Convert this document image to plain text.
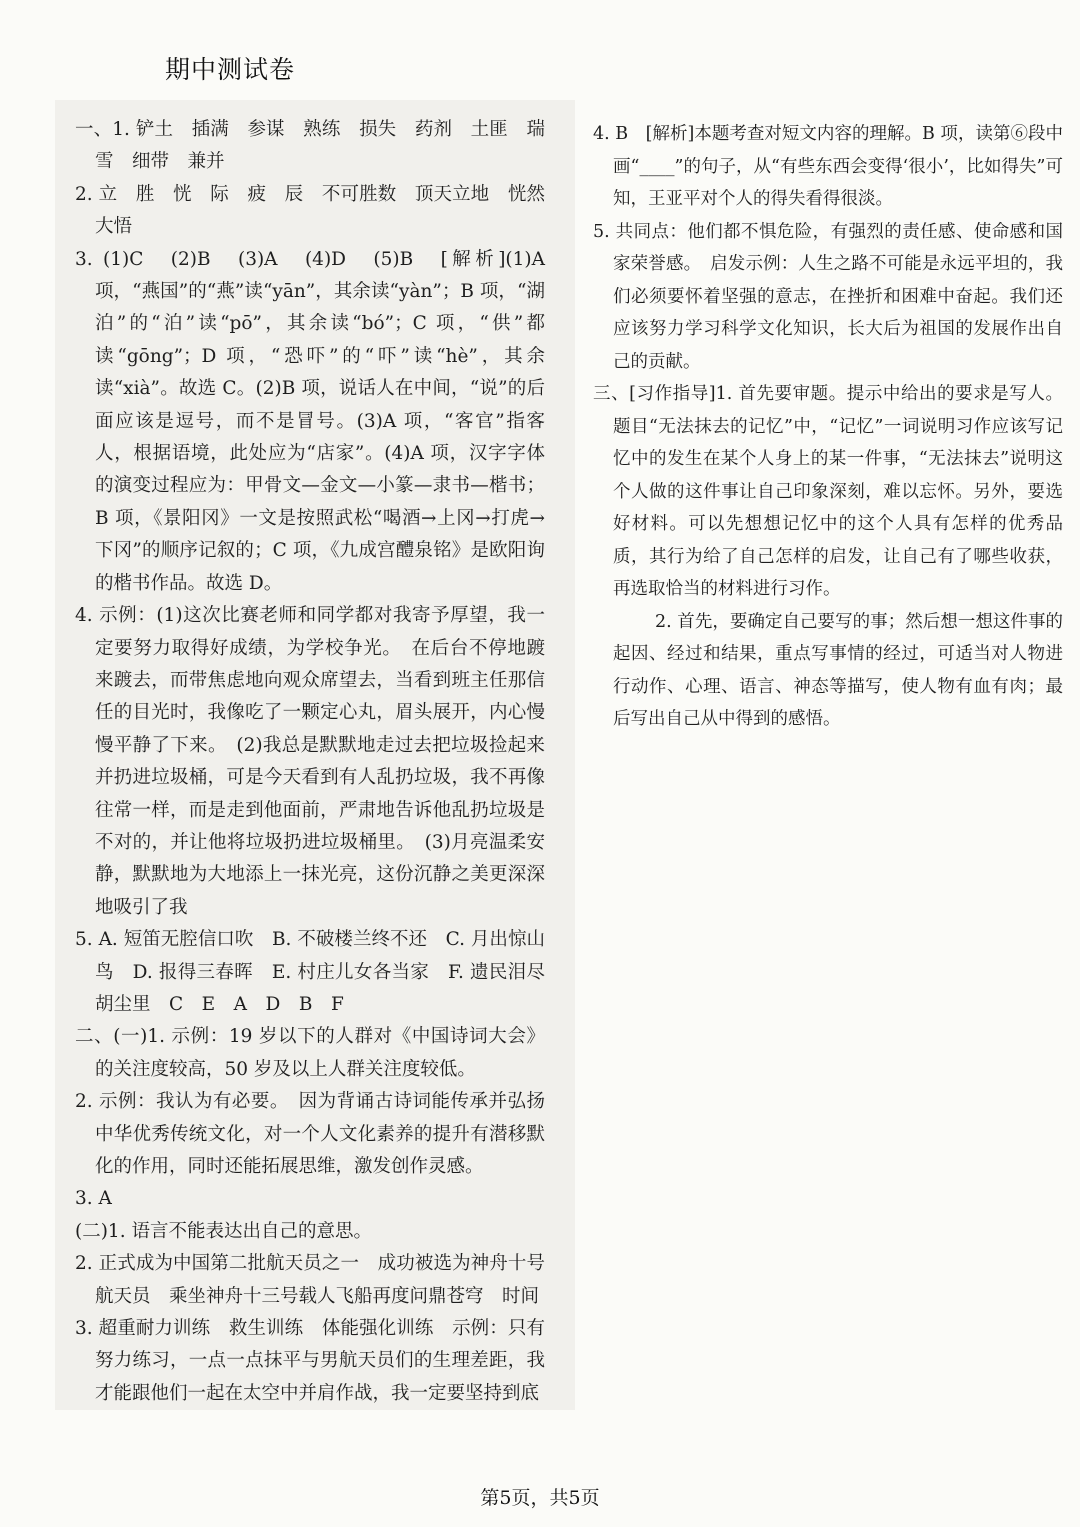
期中测试卷

一、1. 铲土　插满　参谋　熟练　损失　药剂　土匪　瑞雪　细带　兼并

2. 立　胜　恍　际　疲　辰　不可胜数　顶天立地　恍然大悟

3. (1)C　(2)B　(3)A　(4)D　(5)B　[解析](1)A 项，“燕国”的“燕”读“yān”，其余读“yàn”；B 项，“湖泊”的“泊”读“pō”，其余读“bó”；C 项，“供”都读“gōng”；D 项，“恐吓”的“吓”读“hè”，其余读“xià”。故选 C。(2)B 项，说话人在中间，“说”的后面应该是逗号，而不是冒号。(3)A 项，“客官”指客人，根据语境，此处应为“店家”。(4)A 项，汉字字体的演变过程应为：甲骨文—金文—小篆—隶书—楷书；B 项，《景阳冈》一文是按照武松“喝酒→上冈→打虎→下冈”的顺序记叙的；C 项，《九成宫醴泉铭》是欧阳询的楷书作品。故选 D。

4. 示例：(1)这次比赛老师和同学都对我寄予厚望，我一定要努力取得好成绩，为学校争光。　在后台不停地踱来踱去，而带焦虑地向观众席望去，当看到班主任那信任的目光时，我像吃了一颗定心丸，眉头展开，内心慢慢平静了下来。　(2)我总是默默地走过去把垃圾捡起来并扔进垃圾桶，可是今天看到有人乱扔垃圾，我不再像往常一样，而是走到他面前，严肃地告诉他乱扔垃圾是不对的，并让他将垃圾扔进垃圾桶里。　(3)月亮温柔安静，默默地为大地添上一抹光亮，这份沉静之美更深深地吸引了我

5. A. 短笛无腔信口吹　B. 不破楼兰终不还　C. 月出惊山鸟　D. 报得三春晖　E. 村庄儿女各当家　F. 遗民泪尽胡尘里　C　E　A　D　B　F

二、(一)1. 示例：19 岁以下的人群对《中国诗词大会》的关注度较高，50 岁及以上人群关注度较低。

2. 示例：我认为有必要。　因为背诵古诗词能传承并弘扬中华优秀传统文化，对一个人文化素养的提升有潜移默化的作用，同时还能拓展思维，激发创作灵感。

3. A

(二)1. 语言不能表达出自己的意思。

2. 正式成为中国第二批航天员之一　成功被选为神舟十号航天员　乘坐神舟十三号载人飞船再度问鼎苍穹　时间

3. 超重耐力训练　救生训练　体能强化训练　示例：只有努力练习，一点一点抹平与男航天员们的生理差距，我才能跟他们一起在太空中并肩作战，我一定要坚持到底

4. B　[解析]本题考查对短文内容的理解。B 项，读第⑥段中画“____”的句子，从“有些东西会变得‘很小’，比如得失”可知，王亚平对个人的得失看得很淡。

5. 共同点：他们都不惧危险，有强烈的责任感、使命感和国家荣誉感。　启发示例：人生之路不可能是永远平坦的，我们必须要怀着坚强的意志，在挫折和困难中奋起。我们还应该努力学习科学文化知识，长大后为祖国的发展作出自己的贡献。

三、[习作指导]1. 首先要审题。提示中给出的要求是写人。题目“无法抹去的记忆”中，“记忆”一词说明习作应该写记忆中的发生在某个人身上的某一件事，“无法抹去”说明这个人做的这件事让自己印象深刻，难以忘怀。另外，要选好材料。可以先想想记忆中的这个人具有怎样的优秀品质，其行为给了自己怎样的启发，让自己有了哪些收获，再选取恰当的材料进行习作。

2. 首先，要确定自己要写的事；然后想一想这件事的起因、经过和结果，重点写事情的经过，可适当对人物进行动作、心理、语言、神态等描写，使人物有血有肉；最后写出自己从中得到的感悟。

第5页，共5页
